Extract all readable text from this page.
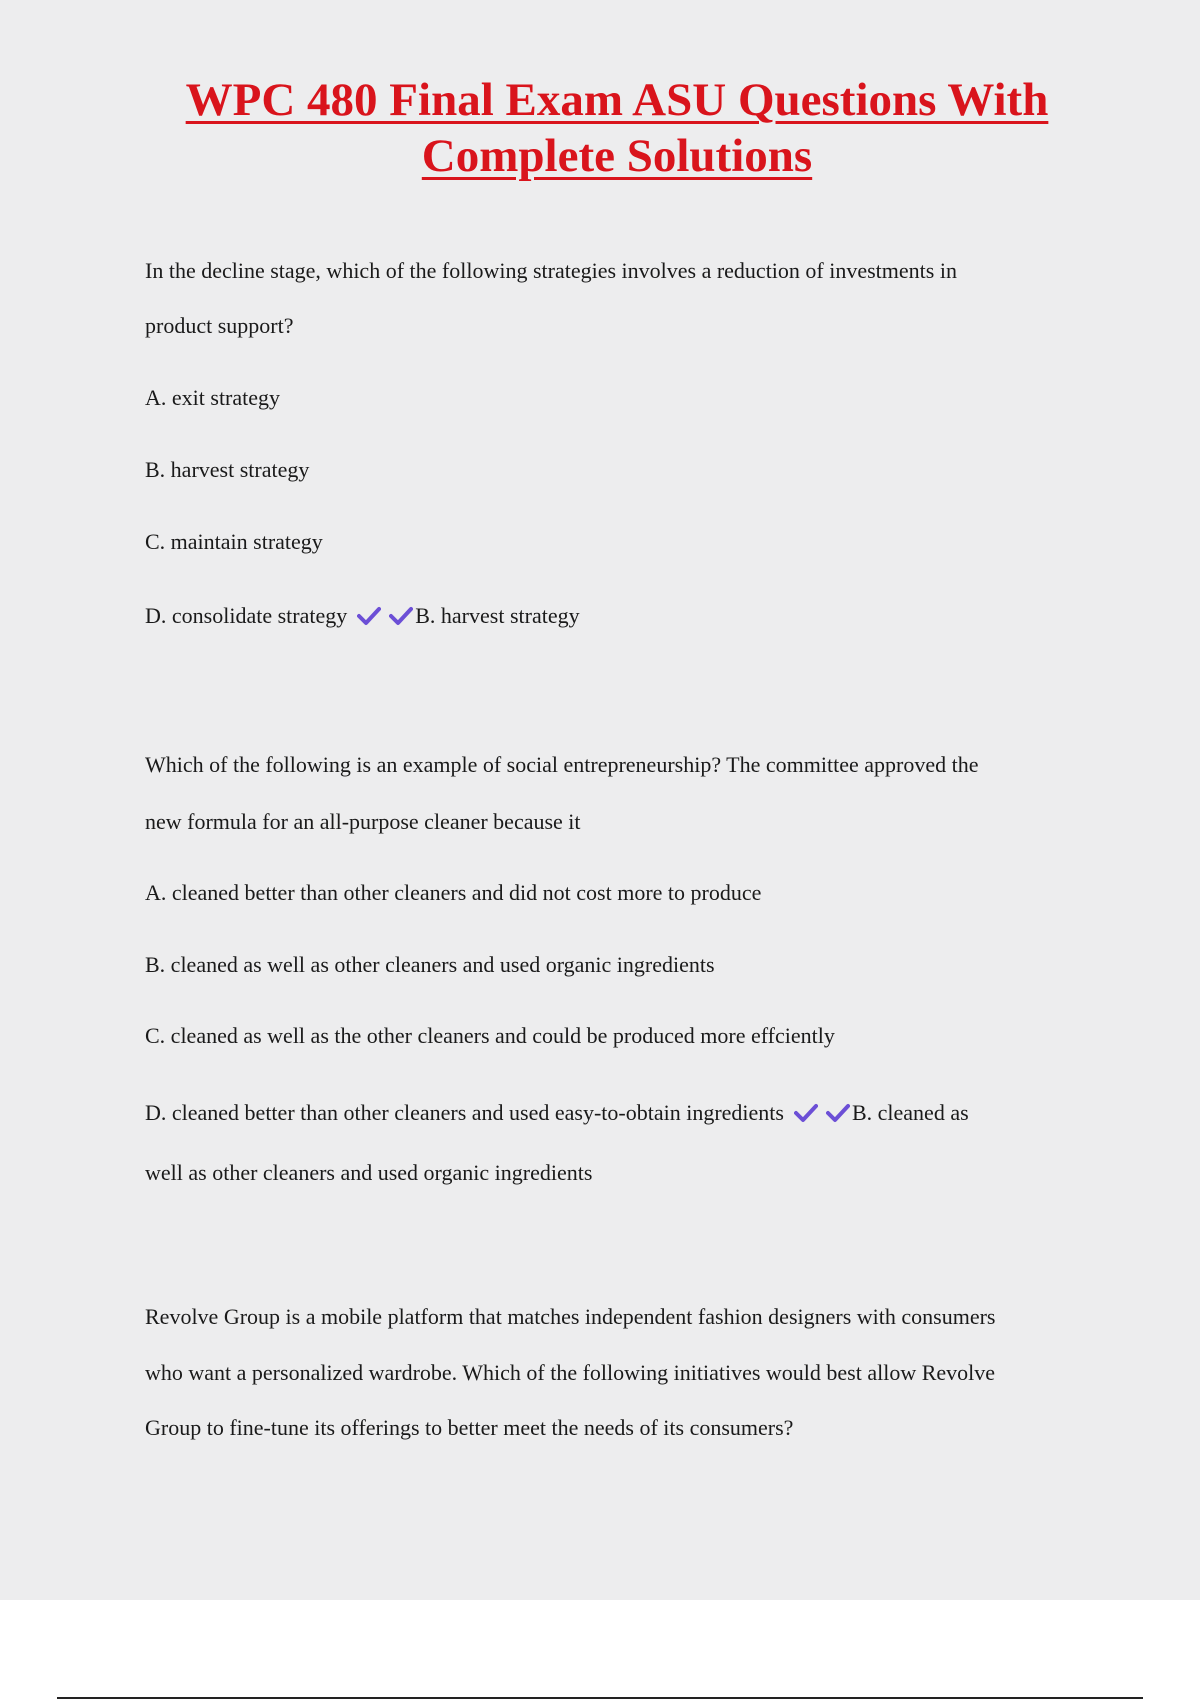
WPC 480 Final Exam ASU Questions With
Complete Solutions

In the decline stage, which of the following strategies involves a reduction of investments in

product support?

A. exit strategy

B. harvest strategy

C. maintain strategy

D. consolidate strategy	B. harvest strategy

Which of the following is an example of social entrepreneurship? The committee approved the

new formula for an all-purpose cleaner because it

A. cleaned better than other cleaners and did not cost more to produce

B. cleaned as well as other cleaners and used organic ingredients

C. cleaned as well as the other cleaners and could be produced more effciently

D. cleaned better than other cleaners and used easy-to-obtain ingredients	B. cleaned as

well as other cleaners and used organic ingredients

Revolve Group is a mobile platform that matches independent fashion designers with consumers

who want a personalized wardrobe. Which of the following initiatives would best allow Revolve

Group to fine-tune its offerings to better meet the needs of its consumers?
